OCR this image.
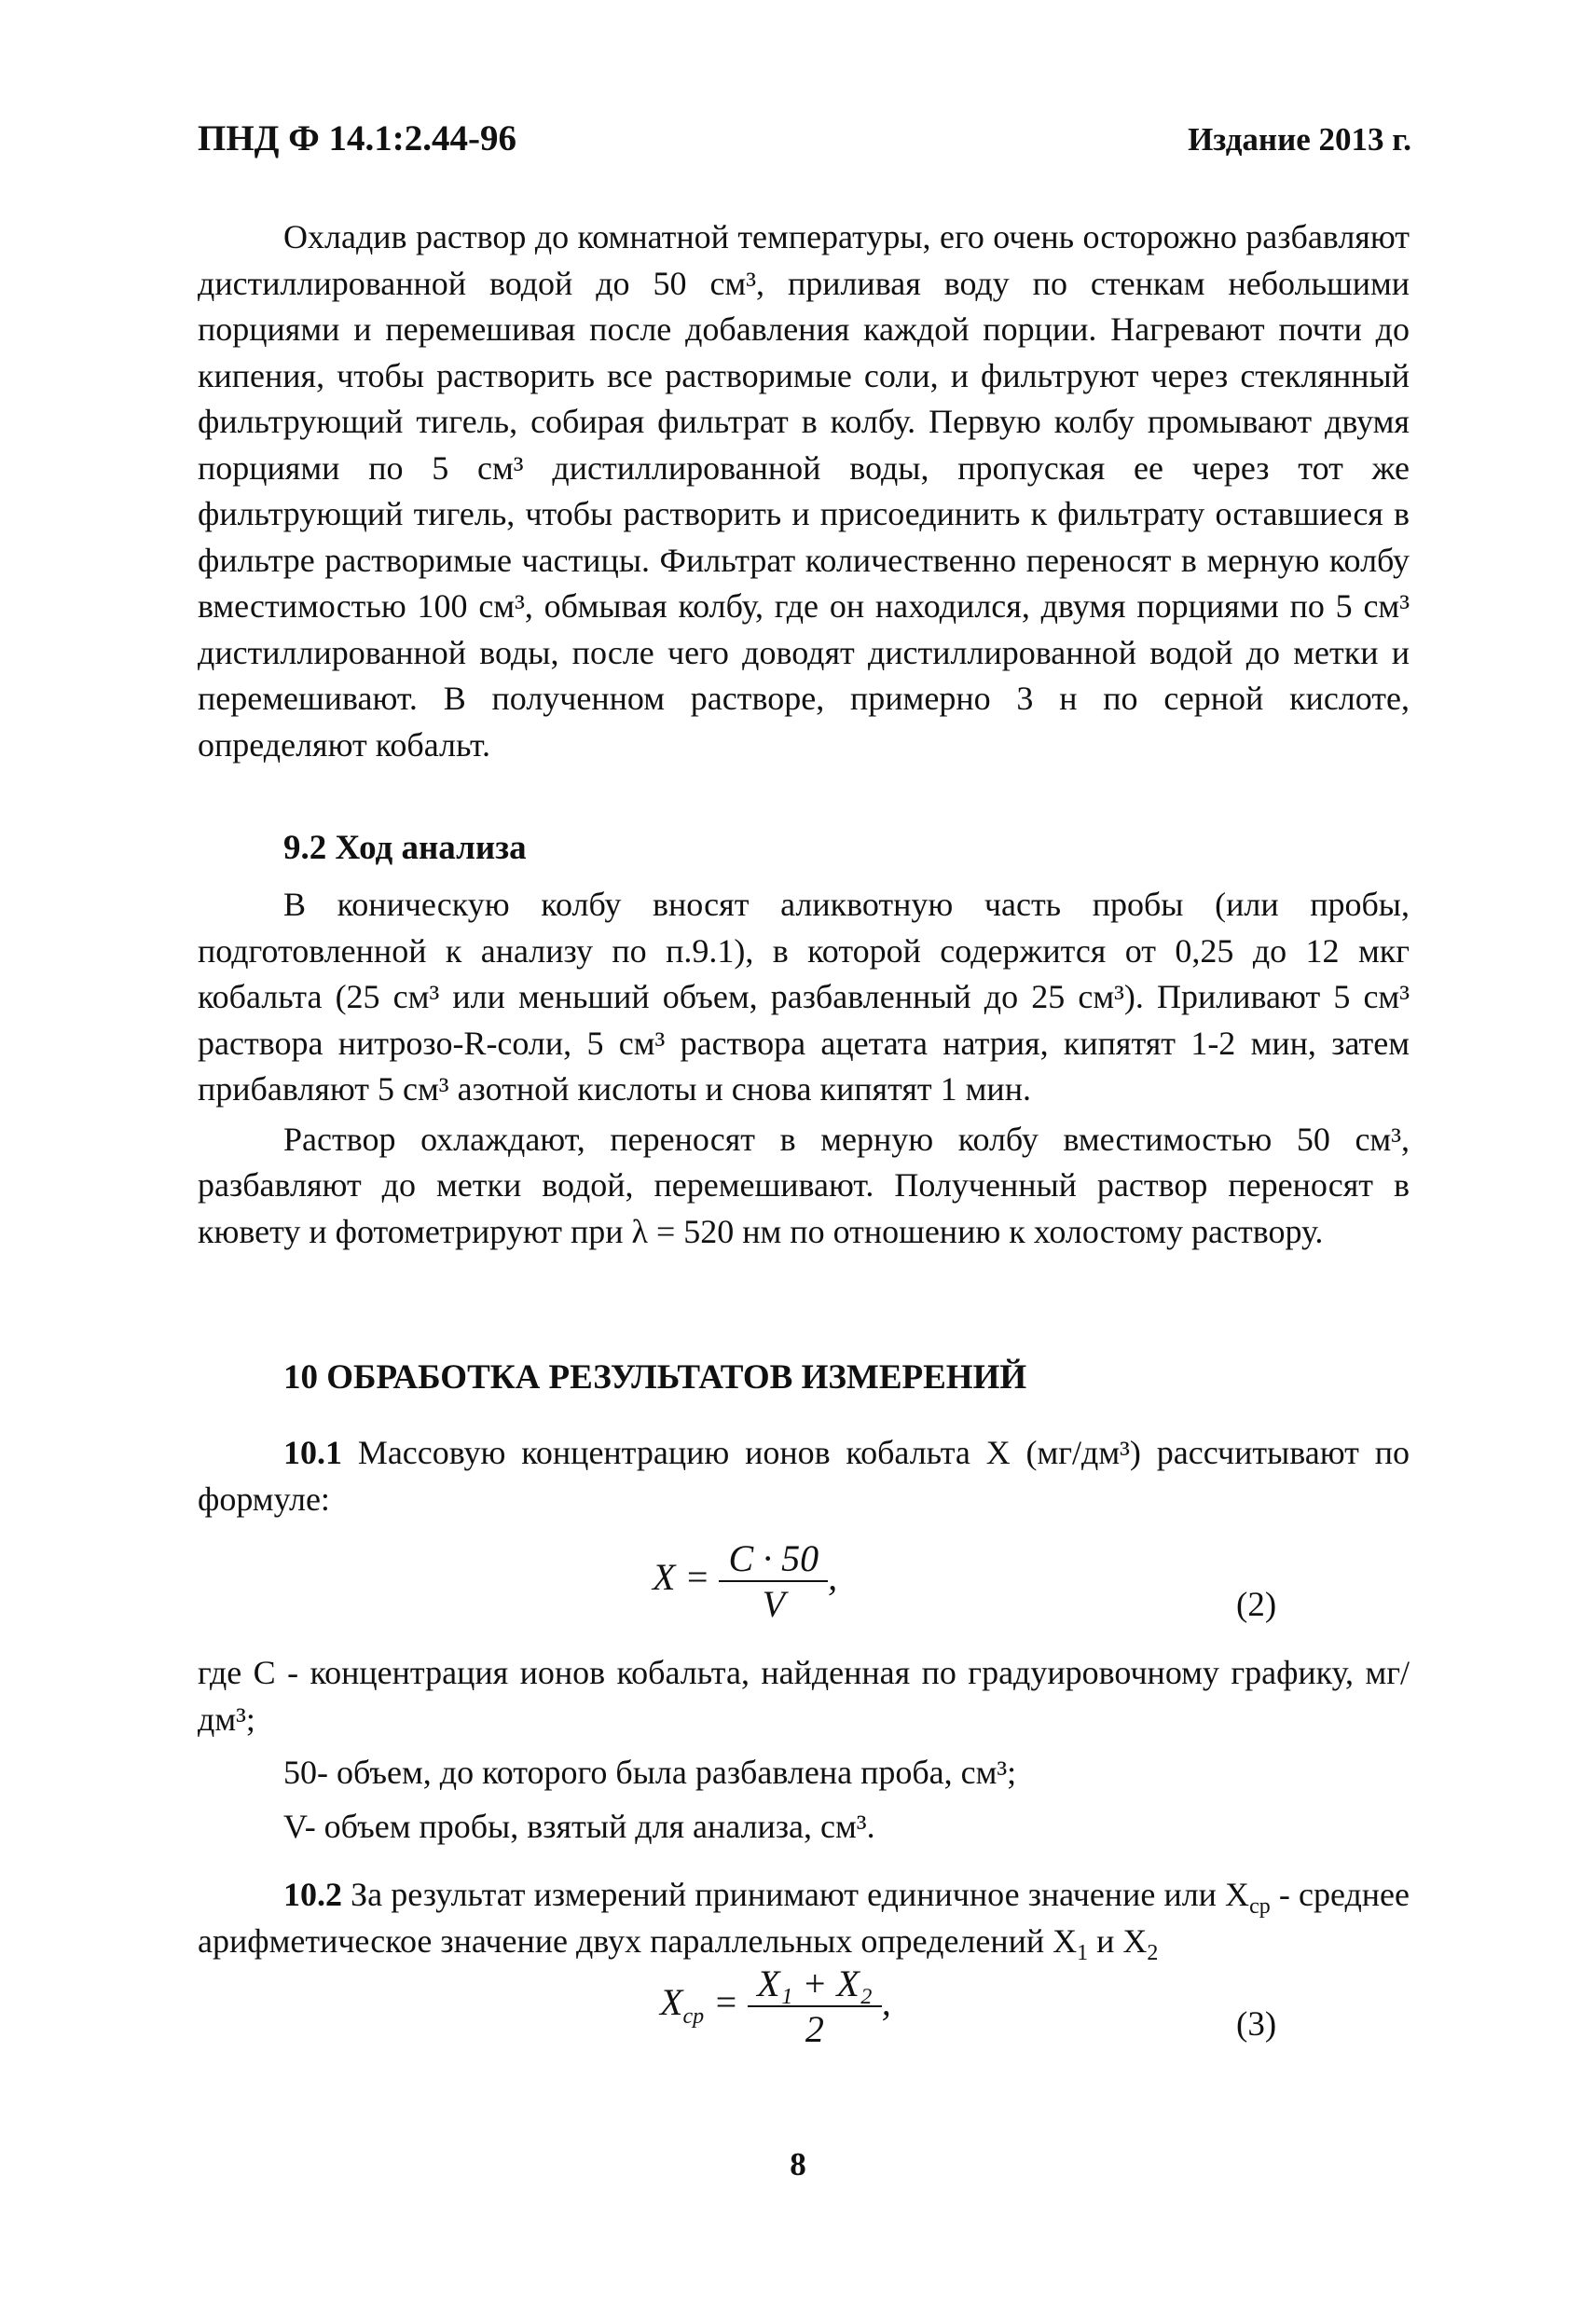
ПНД Ф 14.1:2.44-96	Издание 2013 г.

Охладив раствор до комнатной температуры, его очень осторожно разбавляют дистиллированной водой до 50 см³, приливая воду по стенкам небольшими порциями и перемешивая после добавления каждой порции. Нагревают почти до кипения, чтобы растворить все растворимые соли, и фильтруют через стеклянный фильтрующий тигель, собирая фильтрат в колбу. Первую колбу промывают двумя порциями по 5 см³ дистиллированной воды, пропуская ее через тот же фильтрующий тигель, чтобы растворить и присоединить к фильтрату оставшиеся в фильтре растворимые частицы. Фильтрат количественно переносят в мерную колбу вместимостью 100 см³, обмывая колбу, где он находился, двумя порциями по 5 см³ дистиллированной воды, после чего доводят дистиллированной водой до метки и перемешивают. В полученном растворе, примерно 3 н по серной кислоте, определяют кобальт.

9.2 Ход анализа

В коническую колбу вносят аликвотную часть пробы (или пробы, подготовленной к анализу по п.9.1), в которой содержится от 0,25 до 12 мкг кобальта (25 см³ или меньший объем, разбавленный до 25 см³). Приливают 5 см³ раствора нитрозо-R-соли, 5 см³ раствора ацетата натрия, кипятят 1-2 мин, затем прибавляют 5 см³ азотной кислоты и снова кипятят 1 мин.

Раствор охлаждают, переносят в мерную колбу вместимостью 50 см³, разбавляют до метки водой, перемешивают. Полученный раствор переносят в кювету и фотометрируют при λ = 520 нм по отношению к холостому раствору.

10 ОБРАБОТКА РЕЗУЛЬТАТОВ ИЗМЕРЕНИЙ

10.1 Массовую концентрацию ионов кобальта X (мг/дм³) рассчитывают по формуле:

$X = \frac{C \cdot 50}{V}$ ,
(2)

где С - концентрация ионов кобальта, найденная по градуировочному графику, мг/дм³;

50- объем, до которого была разбавлена проба, см³;

V- объем пробы, взятый для анализа, см³.

10.2 За результат измерений принимают единичное значение или $X_{ср}$ - среднее арифметическое значение двух параллельных определений $X_1$ и $X_2$

$X_{ср} = \frac{\text{X₁ + X₂}}{2}$ ,
(3)
8
